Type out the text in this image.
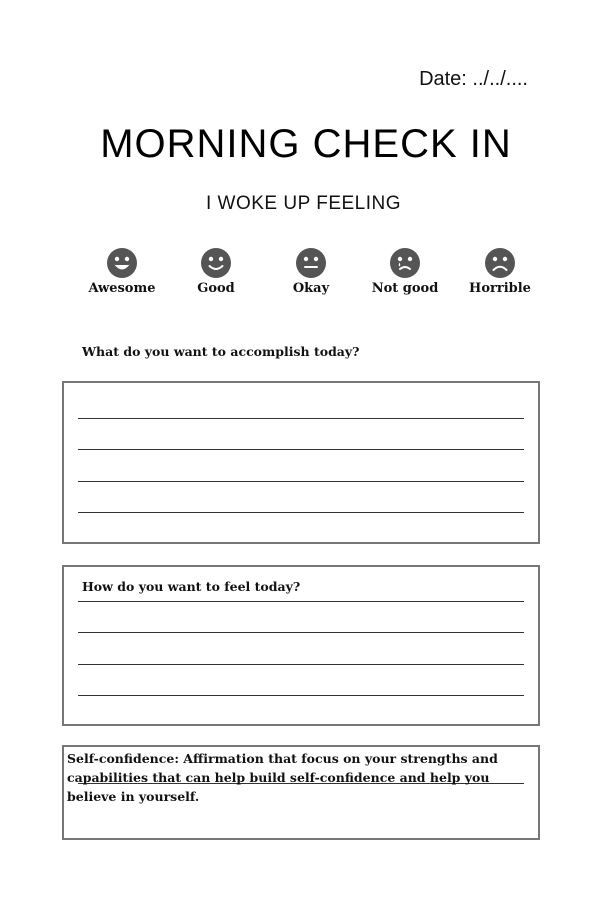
Date: ../../....
MORNING CHECK IN
I WOKE UP FEELING
Awesome	Good	Okay	Not good	Horrible
What do you want to accomplish today?
How do you want to feel today?
Self-confidence: Affirmation that focus on your strengths and capabilities that can help build self-confidence and help you believe in yourself.
